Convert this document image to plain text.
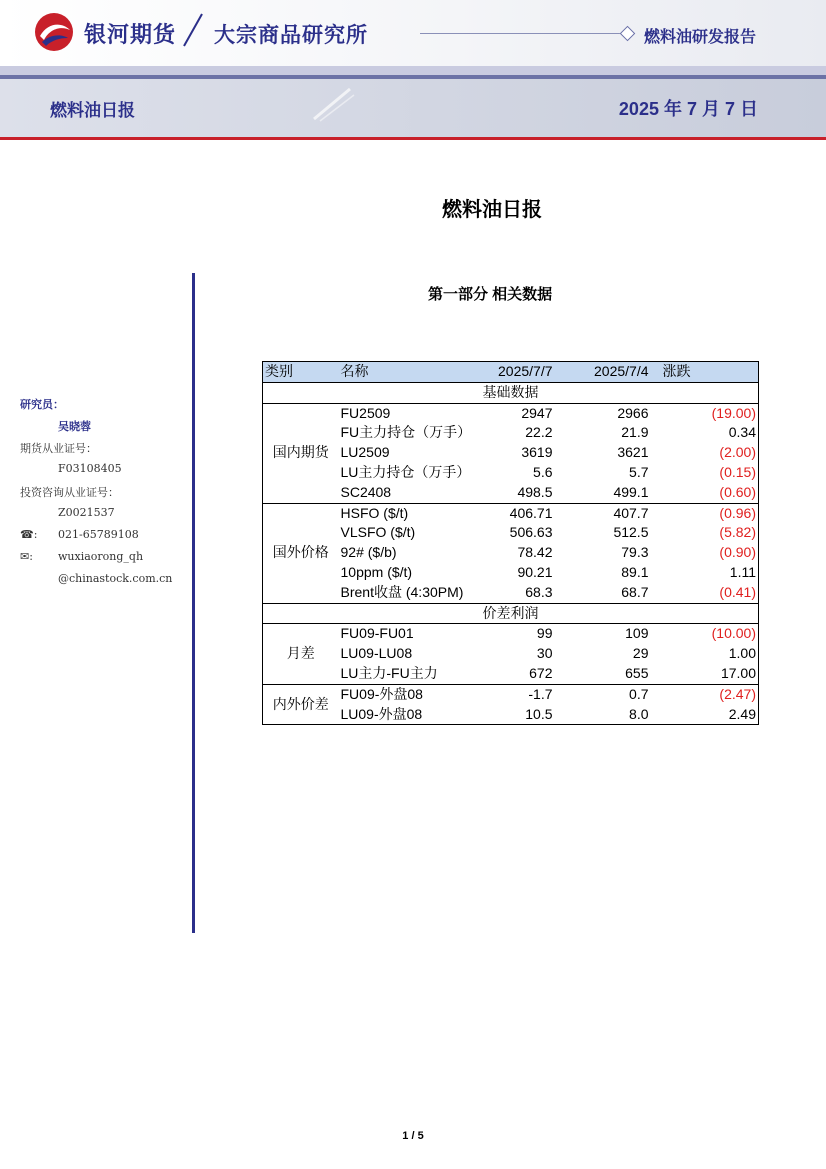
银河期货 大宗商品研究所	燃料油研发报告
燃料油日报	2025 年 7 月 7 日
燃料油日报
第一部分 相关数据
研究员：
吴晓蓉
期货从业证号：
F03108405
投资咨询从业证号：
Z0021537
☎: 021-65789108
✉: wuxiaorong_qh
@chinastock.com.cn
类别	名称	2025/7/7	2025/7/4	涨跌
基础数据				
国内期货	FU2509	2947	2966	(19.00)
	FU主力持仓（万手）	22.2	21.9	0.34
	LU2509	3619	3621	(2.00)
	LU主力持仓（万手）	5.6	5.7	(0.15)
	SC2408	498.5	499.1	(0.60)
国外价格	HSFO ($/t)	406.71	407.7	(0.96)
	VLSFO ($/t)	506.63	512.5	(5.82)
	92# ($/b)	78.42	79.3	(0.90)
	10ppm ($/t)	90.21	89.1	1.11
	Brent收盘 (4:30PM)	68.3	68.7	(0.41)
价差利润				
月差	FU09-FU01	99	109	(10.00)
	LU09-LU08	30	29	1.00
	LU主力-FU主力	672	655	17.00
内外价差	FU09-外盘08	-1.7	0.7	(2.47)
	LU09-外盘08	10.5	8.0	2.49
1 / 5
